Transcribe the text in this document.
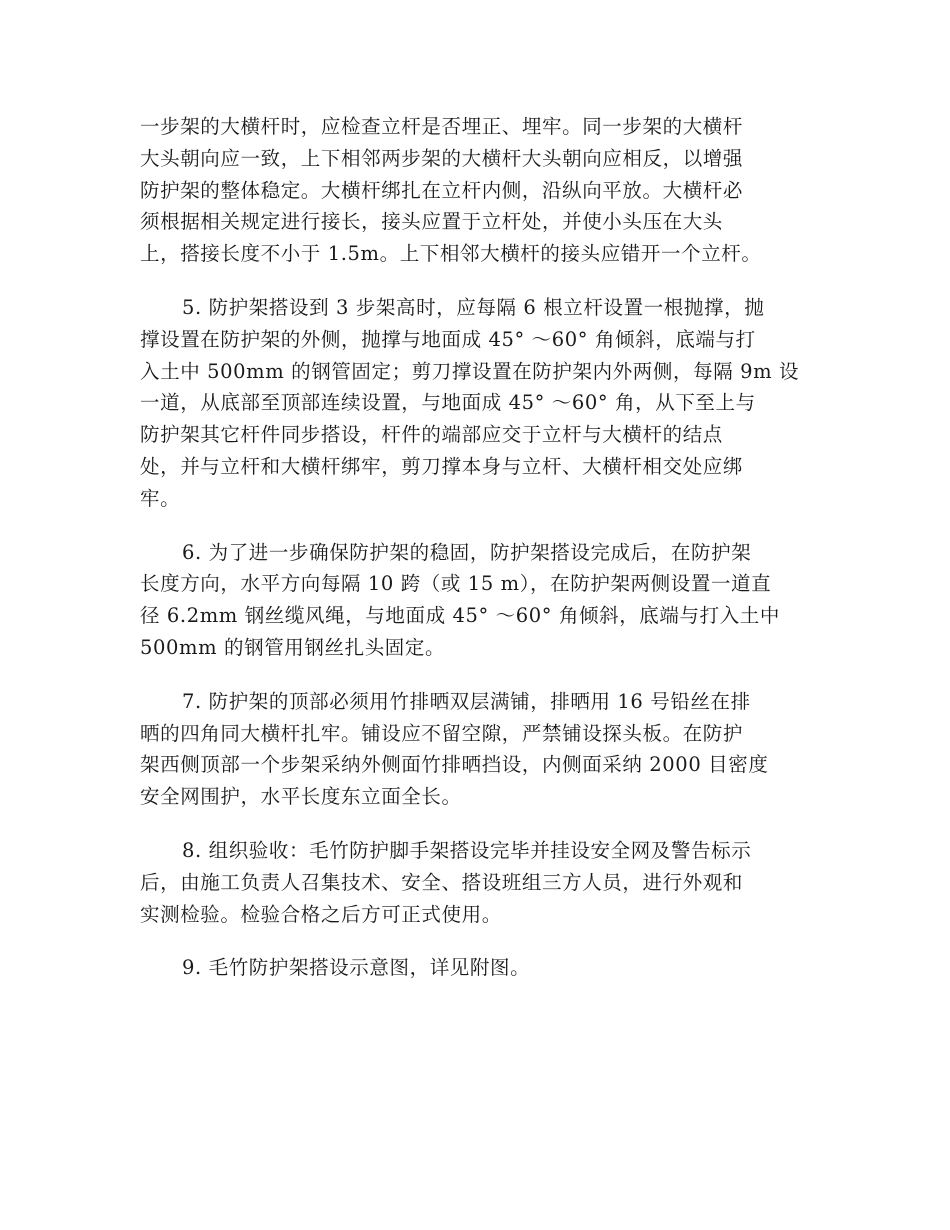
一步架的大横杆时，应检查立杆是否埋正、埋牢。同一步架的大横杆
大头朝向应一致，上下相邻两步架的大横杆大头朝向应相反，以增强
防护架的整体稳定。大横杆绑扎在立杆内侧，沿纵向平放。大横杆必
须根据相关规定进行接长，接头应置于立杆处，并使小头压在大头
上，搭接长度不小于 1.5m。上下相邻大横杆的接头应错开一个立杆。

5. 防护架搭设到 3 步架高时，应每隔 6 根立杆设置一根抛撑，抛
撑设置在防护架的外侧，抛撑与地面成 45° ～60° 角倾斜，底端与打
入土中 500mm 的钢管固定；剪刀撑设置在防护架内外两侧，每隔 9m 设
一道，从底部至顶部连续设置，与地面成 45° ～60° 角，从下至上与
防护架其它杆件同步搭设，杆件的端部应交于立杆与大横杆的结点
处，并与立杆和大横杆绑牢，剪刀撑本身与立杆、大横杆相交处应绑
牢。

6. 为了进一步确保防护架的稳固，防护架搭设完成后，在防护架
长度方向，水平方向每隔 10 跨（或 15 m），在防护架两侧设置一道直
径 6.2mm 钢丝缆风绳，与地面成 45° ～60° 角倾斜，底端与打入土中
500mm 的钢管用钢丝扎头固定。

7. 防护架的顶部必须用竹排晒双层满铺，排晒用 16 号铅丝在排
晒的四角同大横杆扎牢。铺设应不留空隙，严禁铺设探头板。在防护
架西侧顶部一个步架采纳外侧面竹排晒挡设，内侧面采纳 2000 目密度
安全网围护，水平长度东立面全长。

8. 组织验收：毛竹防护脚手架搭设完毕并挂设安全网及警告标示
后，由施工负责人召集技术、安全、搭设班组三方人员，进行外观和
实测检验。检验合格之后方可正式使用。

9. 毛竹防护架搭设示意图，详见附图。
